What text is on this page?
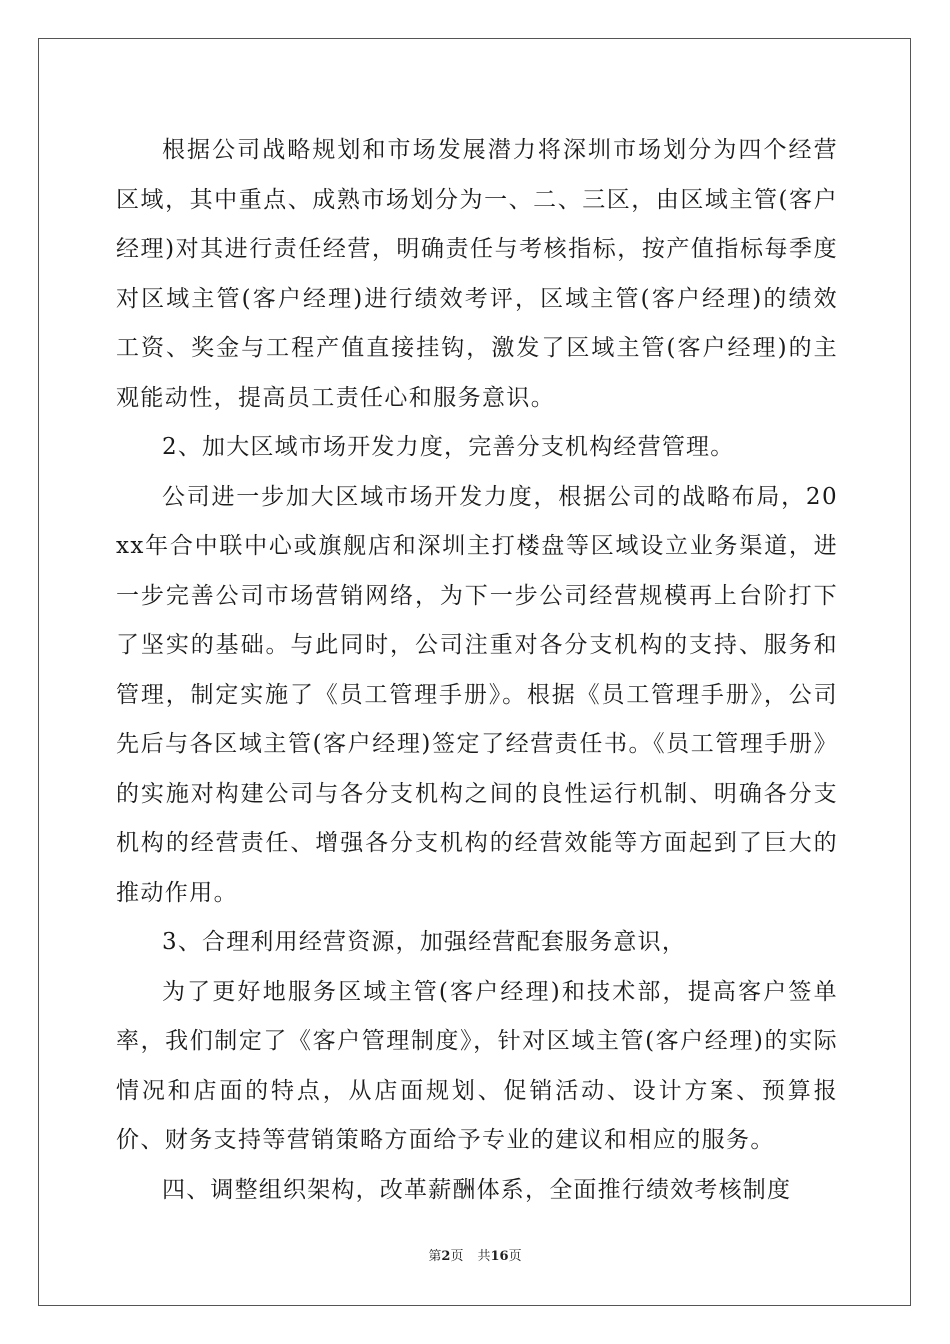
根据公司战略规划和市场发展潜力将深圳市场划分为四个经营区域，其中重点、成熟市场划分为一、二、三区，由区域主管(客户经理)对其进行责任经营，明确责任与考核指标，按产值指标每季度对区域主管(客户经理)进行绩效考评，区域主管(客户经理)的绩效工资、奖金与工程产值直接挂钩，激发了区域主管(客户经理)的主观能动性，提高员工责任心和服务意识。

2、加大区域市场开发力度，完善分支机构经营管理。

公司进一步加大区域市场开发力度，根据公司的战略布局，20xx年合中联中心或旗舰店和深圳主打楼盘等区域设立业务渠道，进一步完善公司市场营销网络，为下一步公司经营规模再上台阶打下了坚实的基础。与此同时，公司注重对各分支机构的支持、服务和管理，制定实施了《员工管理手册》。根据《员工管理手册》，公司先后与各区域主管(客户经理)签定了经营责任书。《员工管理手册》的实施对构建公司与各分支机构之间的良性运行机制、明确各分支机构的经营责任、增强各分支机构的经营效能等方面起到了巨大的推动作用。

3、合理利用经营资源，加强经营配套服务意识，

为了更好地服务区域主管(客户经理)和技术部，提高客户签单率，我们制定了《客户管理制度》，针对区域主管(客户经理)的实际情况和店面的特点，从店面规划、促销活动、设计方案、预算报价、财务支持等营销策略方面给予专业的建议和相应的服务。

四、调整组织架构，改革薪酬体系，全面推行绩效考核制度

第2页 共16页
